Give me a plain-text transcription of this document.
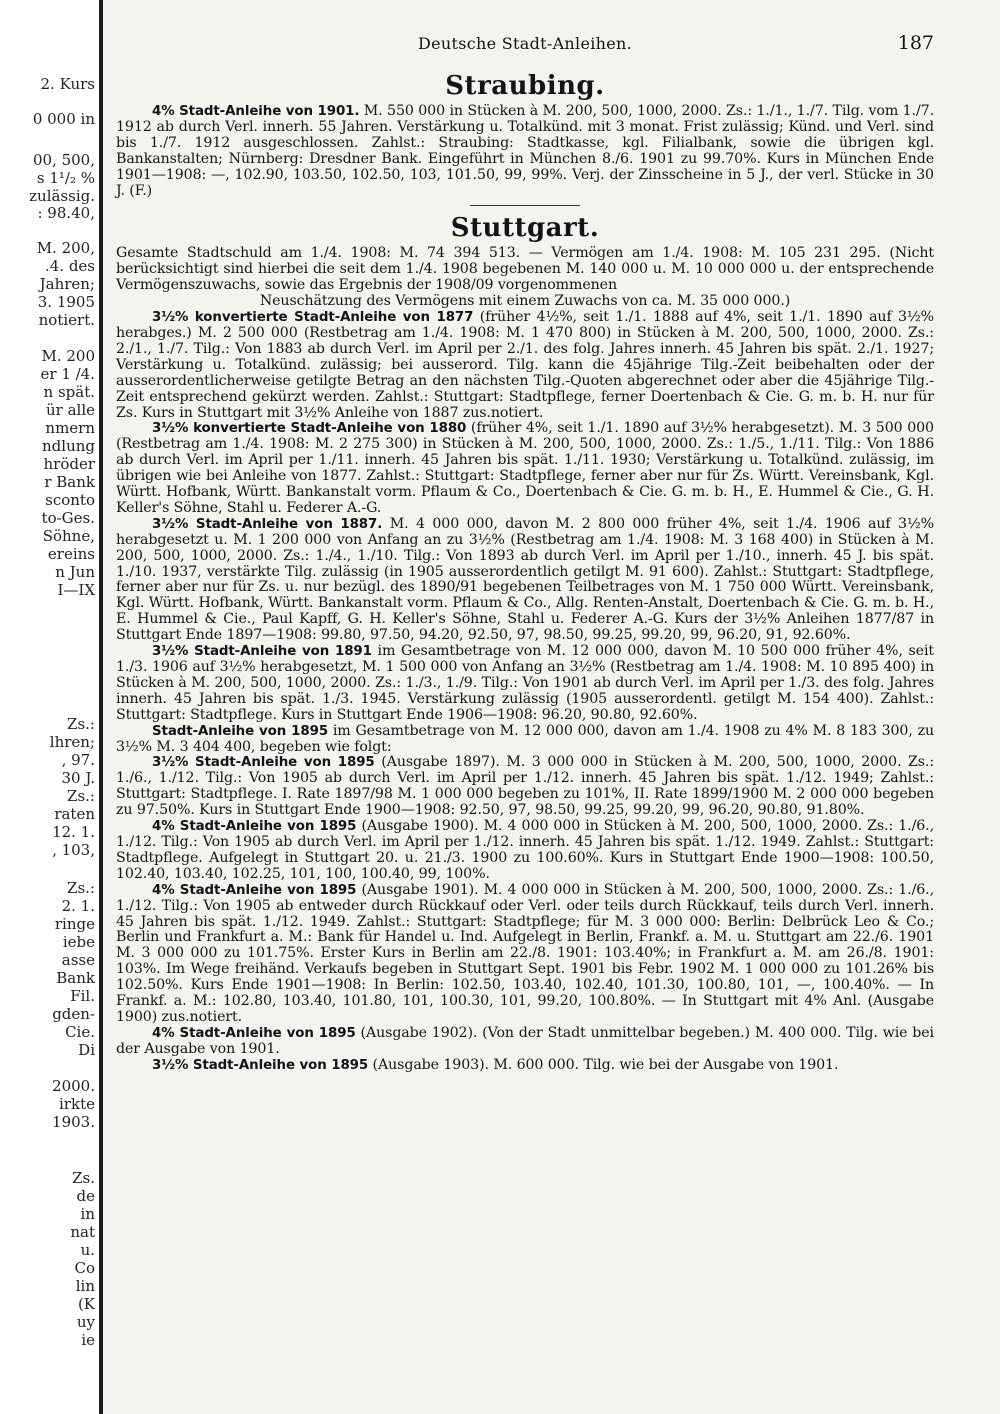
2. Kurs
0 000 in
00, 500,
s 1¹/₂ %
zulässig.
: 98.40,
M. 200,
.4. des
Jahren;
3. 1905
notiert.
M. 200
er 1 /4.
n spät.
ür alle
nmern
ndlung
hröder
r Bank
sconto
to-Ges.
Söhne,
ereins
n Jun
I—IX
Zs.:
lhren;
, 97.
30 J.
Zs.:
raten
12. 1.
, 103,
Zs.:
2. 1.
ringe
iebe
asse
Bank
Fil.
gden-
Cie.
Di
2000.
irkte
1903.
Zs.
de
in
nat
u.
Co
lin
(K
uy
ie
Deutsche Stadt-Anleihen.	187
Straubing.

4% Stadt-Anleihe von 1901. M. 550 000 in Stücken à M. 200, 500, 1000, 2000. Zs.: 1./1., 1./7. Tilg. vom 1./7. 1912 ab durch Verl. innerh. 55 Jahren. Verstärkung u. Totalkünd. mit 3 monat. Frist zulässig; Künd. und Verl. sind bis 1./7. 1912 ausgeschlossen. Zahlst.: Straubing: Stadtkasse, kgl. Filialbank, sowie die übrigen kgl. Bankanstalten; Nürnberg: Dresdner Bank. Eingeführt in München 8./6. 1901 zu 99.70%. Kurs in München Ende 1901—1908: —, 102.90, 103.50, 102.50, 103, 101.50, 99, 99%. Verj. der Zinsscheine in 5 J., der verl. Stücke in 30 J. (F.)

Stuttgart.

Gesamte Stadtschuld am 1./4. 1908: M. 74 394 513. — Vermögen am 1./4. 1908: M. 105 231 295. (Nicht berücksichtigt sind hierbei die seit dem 1./4. 1908 begebenen M. 140 000 u. M. 10 000 000 u. der entsprechende Vermögenszuwachs, sowie das Ergebnis der 1908/09 vorgenommenen

Neuschätzung des Vermögens mit einem Zuwachs von ca. M. 35 000 000.)

3½% konvertierte Stadt-Anleihe von 1877 (früher 4½%, seit 1./1. 1888 auf 4%, seit 1./1. 1890 auf 3½% herabges.) M. 2 500 000 (Restbetrag am 1./4. 1908: M. 1 470 800) in Stücken à M. 200, 500, 1000, 2000. Zs.: 2./1., 1./7. Tilg.: Von 1883 ab durch Verl. im April per 2./1. des folg. Jahres innerh. 45 Jahren bis spät. 2./1. 1927; Verstärkung u. Totalkünd. zulässig; bei ausserord. Tilg. kann die 45jährige Tilg.-Zeit beibehalten oder der ausserordentlicherweise getilgte Betrag an den nächsten Tilg.-Quoten abgerechnet oder aber die 45jährige Tilg.-Zeit entsprechend gekürzt werden. Zahlst.: Stuttgart: Stadtpflege, ferner Doertenbach & Cie. G. m. b. H. nur für Zs. Kurs in Stuttgart mit 3½% Anleihe von 1887 zus.notiert.

3½% konvertierte Stadt-Anleihe von 1880 (früher 4%, seit 1./1. 1890 auf 3½% herabgesetzt). M. 3 500 000 (Restbetrag am 1./4. 1908: M. 2 275 300) in Stücken à M. 200, 500, 1000, 2000. Zs.: 1./5., 1./11. Tilg.: Von 1886 ab durch Verl. im April per 1./11. innerh. 45 Jahren bis spät. 1./11. 1930; Verstärkung u. Totalkünd. zulässig, im übrigen wie bei Anleihe von 1877. Zahlst.: Stuttgart: Stadtpflege, ferner aber nur für Zs. Württ. Vereinsbank, Kgl. Württ. Hofbank, Württ. Bankanstalt vorm. Pflaum & Co., Doertenbach & Cie. G. m. b. H., E. Hummel & Cie., G. H. Keller's Söhne, Stahl u. Federer A.-G.

3½% Stadt-Anleihe von 1887. M. 4 000 000, davon M. 2 800 000 früher 4%, seit 1./4. 1906 auf 3½% herabgesetzt u. M. 1 200 000 von Anfang an zu 3½% (Restbetrag am 1./4. 1908: M. 3 168 400) in Stücken à M. 200, 500, 1000, 2000. Zs.: 1./4., 1./10. Tilg.: Von 1893 ab durch Verl. im April per 1./10., innerh. 45 J. bis spät. 1./10. 1937, verstärkte Tilg. zulässig (in 1905 ausserordentlich getilgt M. 91 600). Zahlst.: Stuttgart: Stadtpflege, ferner aber nur für Zs. u. nur bezügl. des 1890/91 begebenen Teilbetrages von M. 1 750 000 Württ. Vereinsbank, Kgl. Württ. Hofbank, Württ. Bankanstalt vorm. Pflaum & Co., Allg. Renten-Anstalt, Doertenbach & Cie. G. m. b. H., E. Hummel & Cie., Paul Kapff, G. H. Keller's Söhne, Stahl u. Federer A.-G. Kurs der 3½% Anleihen 1877/87 in Stuttgart Ende 1897—1908: 99.80, 97.50, 94.20, 92.50, 97, 98.50, 99.25, 99.20, 99, 96.20, 91, 92.60%.

3½% Stadt-Anleihe von 1891 im Gesamtbetrage von M. 12 000 000, davon M. 10 500 000 früher 4%, seit 1./3. 1906 auf 3½% herabgesetzt, M. 1 500 000 von Anfang an 3½% (Restbetrag am 1./4. 1908: M. 10 895 400) in Stücken à M. 200, 500, 1000, 2000. Zs.: 1./3., 1./9. Tilg.: Von 1901 ab durch Verl. im April per 1./3. des folg. Jahres innerh. 45 Jahren bis spät. 1./3. 1945. Verstärkung zulässig (1905 ausserordentl. getilgt M. 154 400). Zahlst.: Stuttgart: Stadtpflege. Kurs in Stuttgart Ende 1906—1908: 96.20, 90.80, 92.60%.

Stadt-Anleihe von 1895 im Gesamtbetrage von M. 12 000 000, davon am 1./4. 1908 zu 4% M. 8 183 300, zu 3½% M. 3 404 400, begeben wie folgt:

3½% Stadt-Anleihe von 1895 (Ausgabe 1897). M. 3 000 000 in Stücken à M. 200, 500, 1000, 2000. Zs.: 1./6., 1./12. Tilg.: Von 1905 ab durch Verl. im April per 1./12. innerh. 45 Jahren bis spät. 1./12. 1949; Zahlst.: Stuttgart: Stadtpflege. I. Rate 1897/98 M. 1 000 000 begeben zu 101%, II. Rate 1899/1900 M. 2 000 000 begeben zu 97.50%. Kurs in Stuttgart Ende 1900—1908: 92.50, 97, 98.50, 99.25, 99.20, 99, 96.20, 90.80, 91.80%.

4% Stadt-Anleihe von 1895 (Ausgabe 1900). M. 4 000 000 in Stücken à M. 200, 500, 1000, 2000. Zs.: 1./6., 1./12. Tilg.: Von 1905 ab durch Verl. im April per 1./12. innerh. 45 Jahren bis spät. 1./12. 1949. Zahlst.: Stuttgart: Stadtpflege. Aufgelegt in Stuttgart 20. u. 21./3. 1900 zu 100.60%. Kurs in Stuttgart Ende 1900—1908: 100.50, 102.40, 103.40, 102.25, 101, 100, 100.40, 99, 100%.

4% Stadt-Anleihe von 1895 (Ausgabe 1901). M. 4 000 000 in Stücken à M. 200, 500, 1000, 2000. Zs.: 1./6., 1./12. Tilg.: Von 1905 ab entweder durch Rückkauf oder Verl. oder teils durch Rückkauf, teils durch Verl. innerh. 45 Jahren bis spät. 1./12. 1949. Zahlst.: Stuttgart: Stadtpflege; für M. 3 000 000: Berlin: Delbrück Leo & Co.; Berlin und Frankfurt a. M.: Bank für Handel u. Ind. Aufgelegt in Berlin, Frankf. a. M. u. Stuttgart am 22./6. 1901 M. 3 000 000 zu 101.75%. Erster Kurs in Berlin am 22./8. 1901: 103.40%; in Frankfurt a. M. am 26./8. 1901: 103%. Im Wege freihänd. Verkaufs begeben in Stuttgart Sept. 1901 bis Febr. 1902 M. 1 000 000 zu 101.26% bis 102.50%. Kurs Ende 1901—1908: In Berlin: 102.50, 103.40, 102.40, 101.30, 100.80, 101, —, 100.40%. — In Frankf. a. M.: 102.80, 103.40, 101.80, 101, 100.30, 101, 99.20, 100.80%. — In Stuttgart mit 4% Anl. (Ausgabe 1900) zus.notiert.

4% Stadt-Anleihe von 1895 (Ausgabe 1902). (Von der Stadt unmittelbar begeben.) M. 400 000. Tilg. wie bei der Ausgabe von 1901.

3½% Stadt-Anleihe von 1895 (Ausgabe 1903). M. 600 000. Tilg. wie bei der Ausgabe von 1901.
